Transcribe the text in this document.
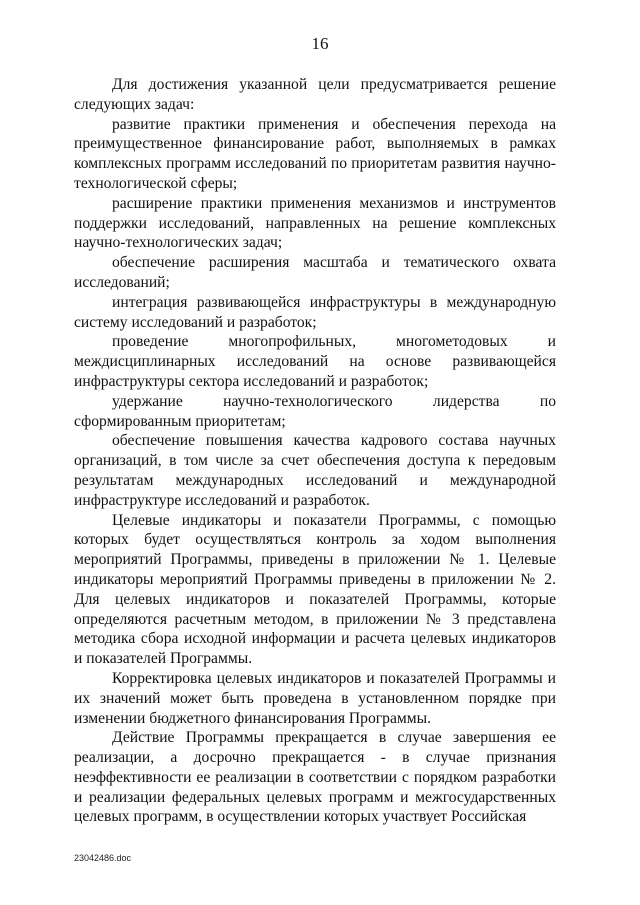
16

Для достижения указанной цели предусматривается решение следующих задач:

развитие практики применения и обеспечения перехода на преимущественное финансирование работ, выполняемых в рамках комплексных программ исследований по приоритетам развития научно-технологической сферы;

расширение практики применения механизмов и инструментов поддержки исследований, направленных на решение комплексных научно-технологических задач;

обеспечение расширения масштаба и тематического охвата исследований;

интеграция развивающейся инфраструктуры в международную систему исследований и разработок;

проведение многопрофильных, многометодовых и междисциплинарных исследований на основе развивающейся инфраструктуры сектора исследований и разработок;

удержание научно-технологического лидерства по сформированным приоритетам;

обеспечение повышения качества кадрового состава научных организаций, в том числе за счет обеспечения доступа к передовым результатам международных исследований и международной инфраструктуре исследований и разработок.

Целевые индикаторы и показатели Программы, с помощью которых будет осуществляться контроль за ходом выполнения мероприятий Программы, приведены в приложении № 1. Целевые индикаторы мероприятий Программы приведены в приложении № 2. Для целевых индикаторов и показателей Программы, которые определяются расчетным методом, в приложении № 3 представлена методика сбора исходной информации и расчета целевых индикаторов и показателей Программы.

Корректировка целевых индикаторов и показателей Программы и их значений может быть проведена в установленном порядке при изменении бюджетного финансирования Программы.

Действие Программы прекращается в случае завершения ее реализации, а досрочно прекращается - в случае признания неэффективности ее реализации в соответствии с порядком разработки и реализации федеральных целевых программ и межгосударственных целевых программ, в осуществлении которых участвует Российская

23042486.doc
